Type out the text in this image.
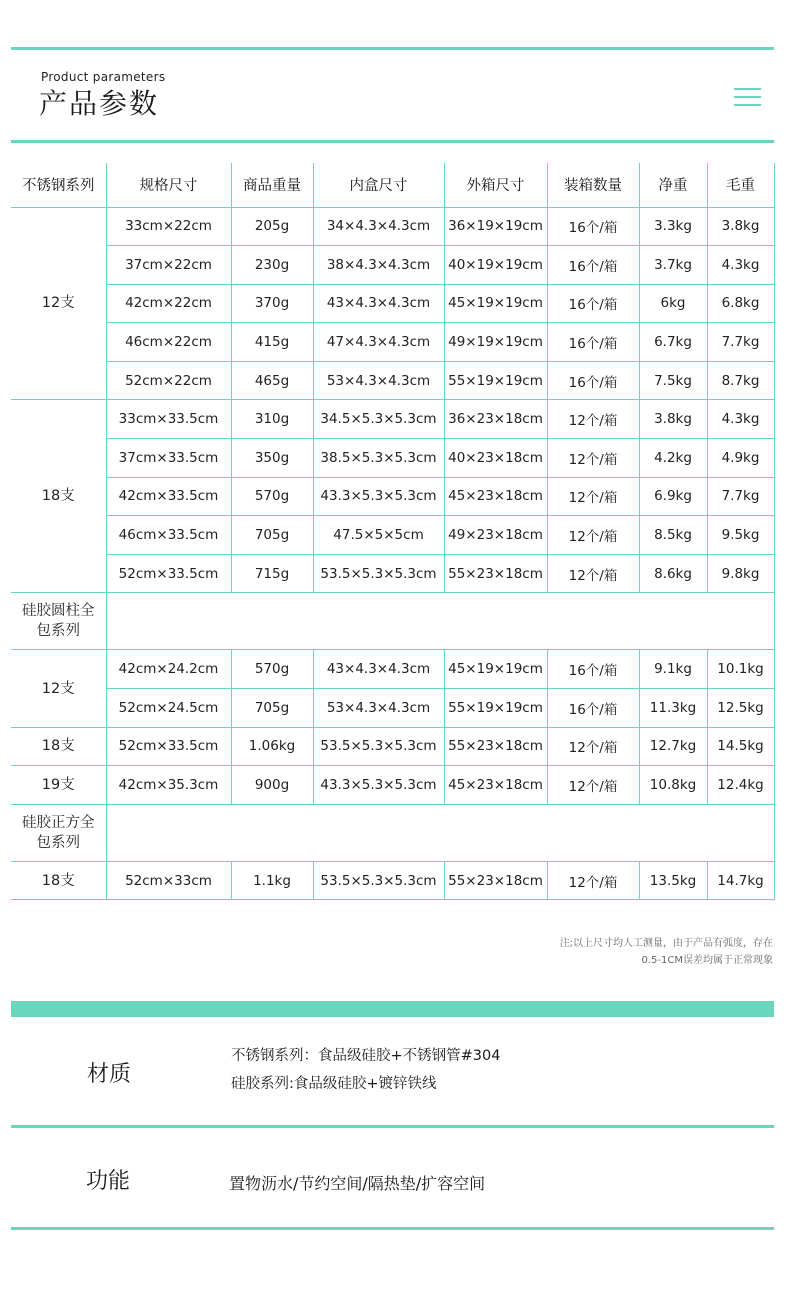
Product parameters
产品参数
不锈钢系列	规格尺寸	商品重量	内盒尺寸	外箱尺寸	装箱数量	净重	毛重
12支	33cm×22cm	205g	34×4.3×4.3cm	36×19×19cm	16个/箱	3.3kg	3.8kg
	37cm×22cm	230g	38×4.3×4.3cm	40×19×19cm	16个/箱	3.7kg	4.3kg
	42cm×22cm	370g	43×4.3×4.3cm	45×19×19cm	16个/箱	6kg	6.8kg
	46cm×22cm	415g	47×4.3×4.3cm	49×19×19cm	16个/箱	6.7kg	7.7kg
	52cm×22cm	465g	53×4.3×4.3cm	55×19×19cm	16个/箱	7.5kg	8.7kg
18支	33cm×33.5cm	310g	34.5×5.3×5.3cm	36×23×18cm	12个/箱	3.8kg	4.3kg
	37cm×33.5cm	350g	38.5×5.3×5.3cm	40×23×18cm	12个/箱	4.2kg	4.9kg
	42cm×33.5cm	570g	43.3×5.3×5.3cm	45×23×18cm	12个/箱	6.9kg	7.7kg
	46cm×33.5cm	705g	47.5×5×5cm	49×23×18cm	12个/箱	8.5kg	9.5kg
	52cm×33.5cm	715g	53.5×5.3×5.3cm	55×23×18cm	12个/箱	8.6kg	9.8kg

硅胶圆柱全
包系列							

12支	42cm×24.2cm	570g	43×4.3×4.3cm	45×19×19cm	16个/箱	9.1kg	10.1kg
	52cm×24.5cm	705g	53×4.3×4.3cm	55×19×19cm	16个/箱	11.3kg	12.5kg
18支	52cm×33.5cm	1.06kg	53.5×5.3×5.3cm	55×23×18cm	12个/箱	12.7kg	14.5kg
19支	42cm×35.3cm	900g	43.3×5.3×5.3cm	45×23×18cm	12个/箱	10.8kg	12.4kg

硅胶正方全
包系列							

18支	52cm×33cm	1.1kg	53.5×5.3×5.3cm	55×23×18cm	12个/箱	13.5kg	14.7kg
注;以上尺寸均人工测量，由于产品有弧度，存在
0.5-1CM误差均属于正常现象
材质
不锈钢系列：食品级硅胶+不锈钢管#304
硅胶系列:食品级硅胶+镀锌铁线
功能	置物沥水/节约空间/隔热垫/扩容空间
